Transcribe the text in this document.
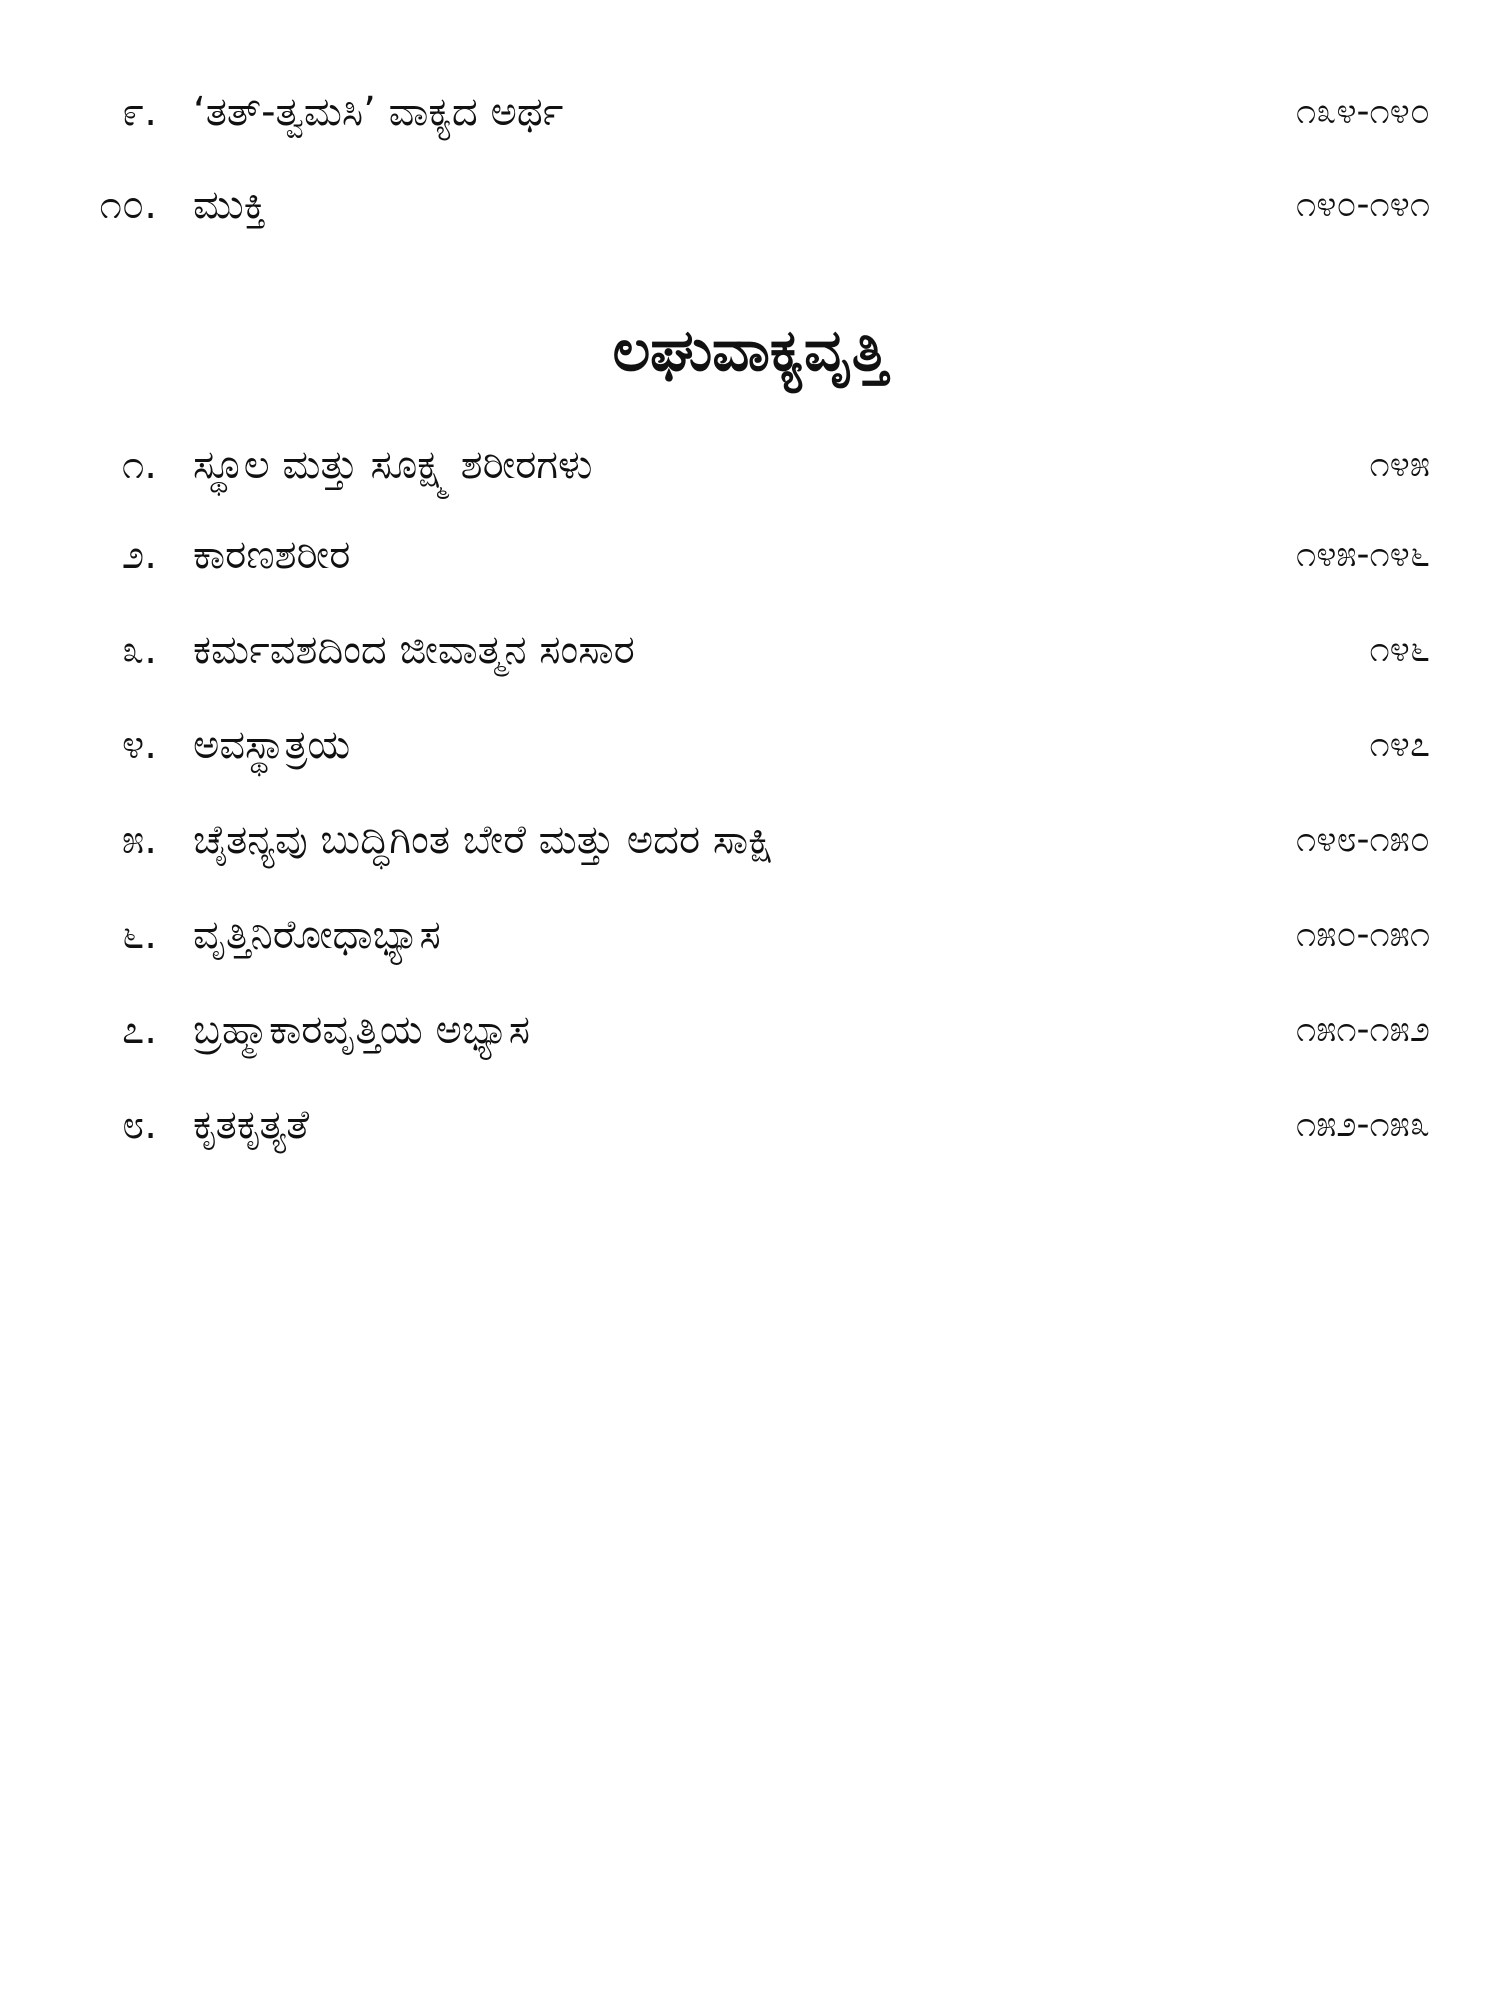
೯. ‘ತತ್-ತ್ವಮಸಿ’ ವಾಕ್ಯದ ಅರ್ಥ	೧೩೪-೧೪೦
೧೦. ಮುಕ್ತಿ	೧೪೦-೧೪೧
ಲಘುವಾಕ್ಯವೃತ್ತಿ
೧. ಸ್ಥೂಲ ಮತ್ತು ಸೂಕ್ಷ್ಮ ಶರೀರಗಳು	೧೪೫
೨. ಕಾರಣಶರೀರ	೧೪೫-೧೪೬
೩. ಕರ್ಮವಶದಿಂದ ಜೀವಾತ್ಮನ ಸಂಸಾರ	೧೪೬
೪. ಅವಸ್ಥಾತ್ರಯ	೧೪೭
೫. ಚೈತನ್ಯವು ಬುದ್ಧಿಗಿಂತ ಬೇರೆ ಮತ್ತು ಅದರ ಸಾಕ್ಷಿ	೧೪೮-೧೫೦
೬. ವೃತ್ತಿನಿರೋಧಾಭ್ಯಾಸ	೧೫೦-೧೫೧
೭. ಬ್ರಹ್ಮಾಕಾರವೃತ್ತಿಯ ಅಭ್ಯಾಸ	೧೫೧-೧೫೨
೮. ಕೃತಕೃತ್ಯತೆ	೧೫೨-೧೫೩
